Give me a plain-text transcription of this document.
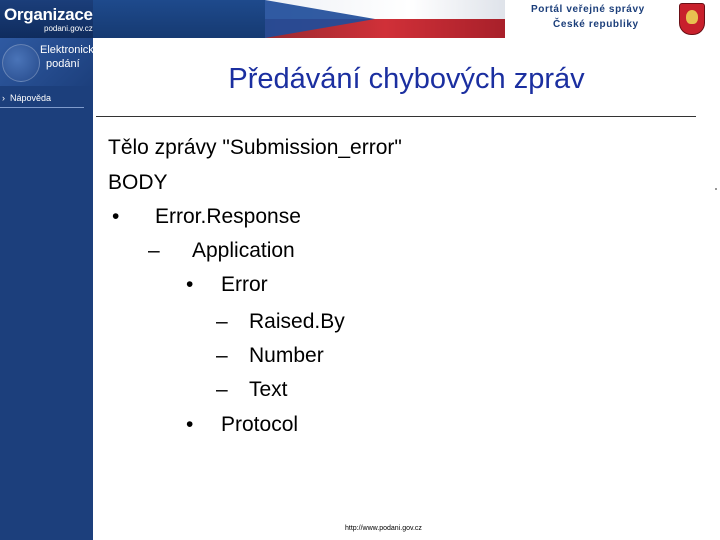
Organizace
podani.gov.cz
Portál veřejné správy
České republiky
Elektronická
podání
› Nápověda
Předávání chybových zpráv
Tělo zprávy "Submission_error"
BODY
• Error.Response
– Application
• Error
– Raised.By
– Number
– Text
• Protocol
http://www.podani.gov.cz
